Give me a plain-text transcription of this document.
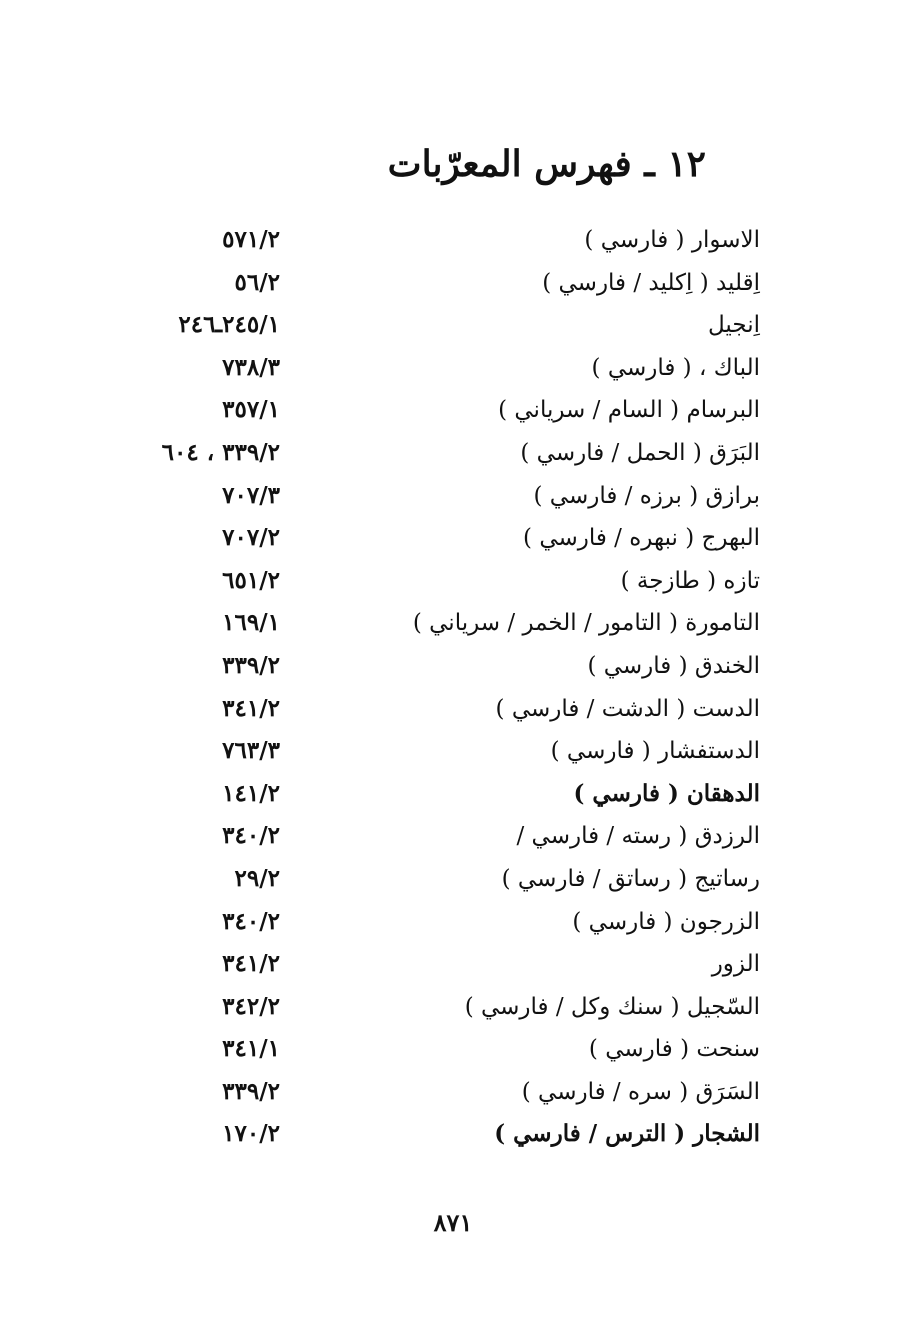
١٢ ـ فهرس المعرّبات
الاسوار ( فارسي )
٥٧١/٢
اِقليد ( اِكليد / فارسي )
٥٦/٢
اِنجيل
٢٤٥/١ـ٢٤٦
الباك ، ( فارسي )
٧٣٨/٣
البرسام ( السام / سرياني )
٣٥٧/١
البَرَق ( الحمل / فارسي )
٣٣٩/٢ ، ٦٠٤
برازق ( برزه / فارسي )
٧٠٧/٣
البهرج ( نبهره / فارسي )
٧٠٧/٢
تازه ( طازجة )
٦٥١/٢
التامورة ( التامور / الخمر / سرياني )
١٦٩/١
الخندق ( فارسي )
٣٣٩/٢
الدست ( الدشت / فارسي )
٣٤١/٢
الدستفشار ( فارسي )
٧٦٣/٣
الدهقان ( فارسي )
١٤١/٢
الرزدق ( رسته / فارسي /
٣٤٠/٢
رساتيج ( رساتق / فارسي )
٢٩/٢
الزرجون ( فارسي )
٣٤٠/٢
الزور
٣٤١/٢
السّجيل ( سنك وكل / فارسي )
٣٤٢/٢
سنحت ( فارسي )
٣٤١/١
السَرَق ( سره / فارسي )
٣٣٩/٢
الشجار ( الترس / فارسي )
١٧٠/٢
٨٧١
